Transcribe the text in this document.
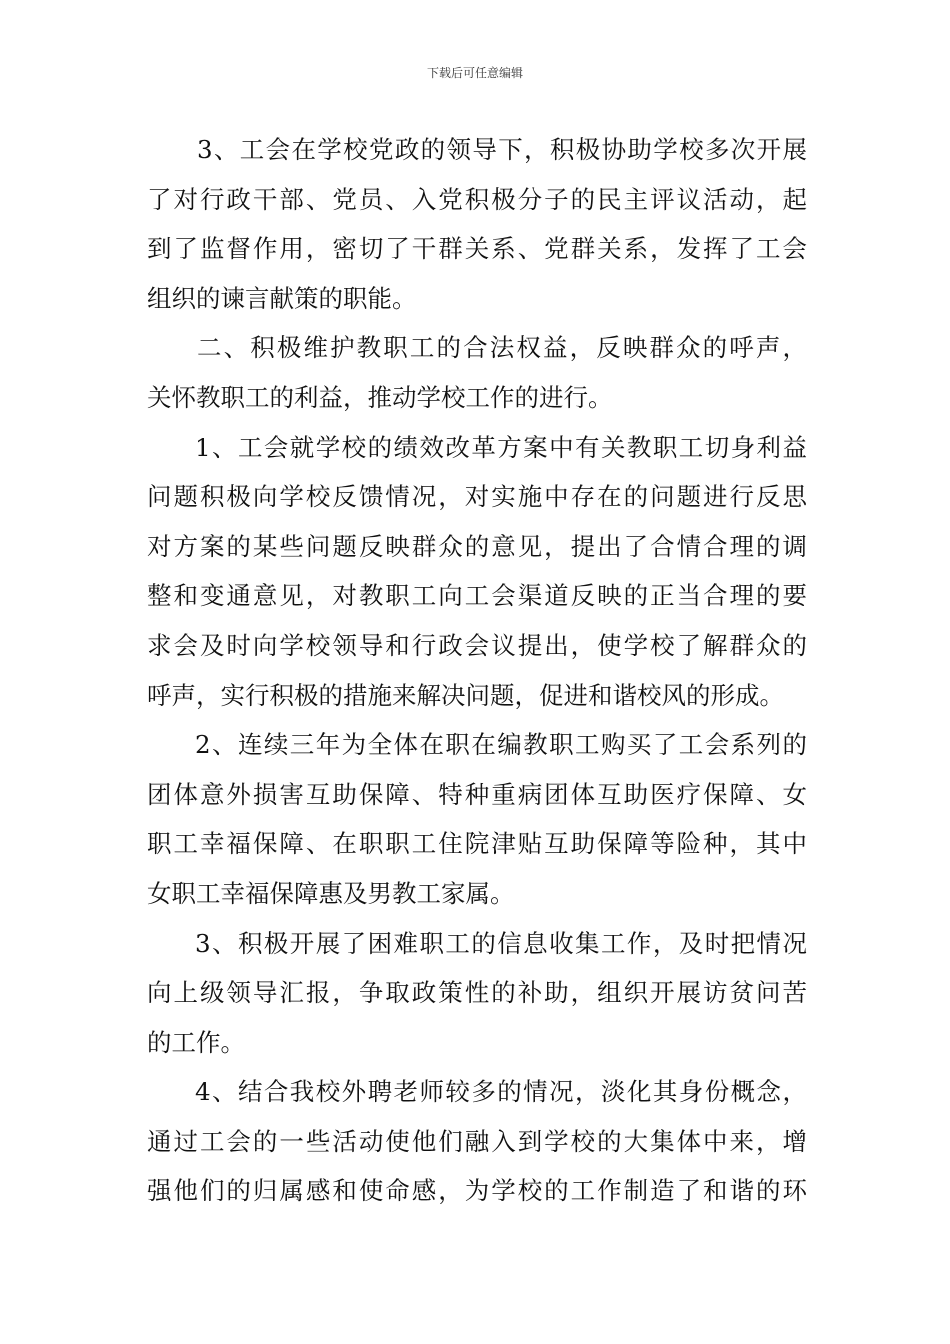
下载后可任意编辑
3、工会在学校党政的领导下，积极协助学校多次开展
了对行政干部、党员、入党积极分子的民主评议活动，起
到了监督作用，密切了干群关系、党群关系，发挥了工会
组织的谏言献策的职能。
二、积极维护教职工的合法权益，反映群众的呼声，
关怀教职工的利益，推动学校工作的进行。
1、工会就学校的绩效改革方案中有关教职工切身利益
问题积极向学校反馈情况，对实施中存在的问题进行反思
对方案的某些问题反映群众的意见，提出了合情合理的调
整和变通意见，对教职工向工会渠道反映的正当合理的要
求会及时向学校领导和行政会议提出，使学校了解群众的
呼声，实行积极的措施来解决问题，促进和谐校风的形成。
2、连续三年为全体在职在编教职工购买了工会系列的
团体意外损害互助保障、特种重病团体互助医疗保障、女
职工幸福保障、在职职工住院津贴互助保障等险种，其中
女职工幸福保障惠及男教工家属。
3、积极开展了困难职工的信息收集工作，及时把情况
向上级领导汇报，争取政策性的补助，组织开展访贫问苦
的工作。
4、结合我校外聘老师较多的情况，淡化其身份概念，
通过工会的一些活动使他们融入到学校的大集体中来，增
强他们的归属感和使命感，为学校的工作制造了和谐的环
